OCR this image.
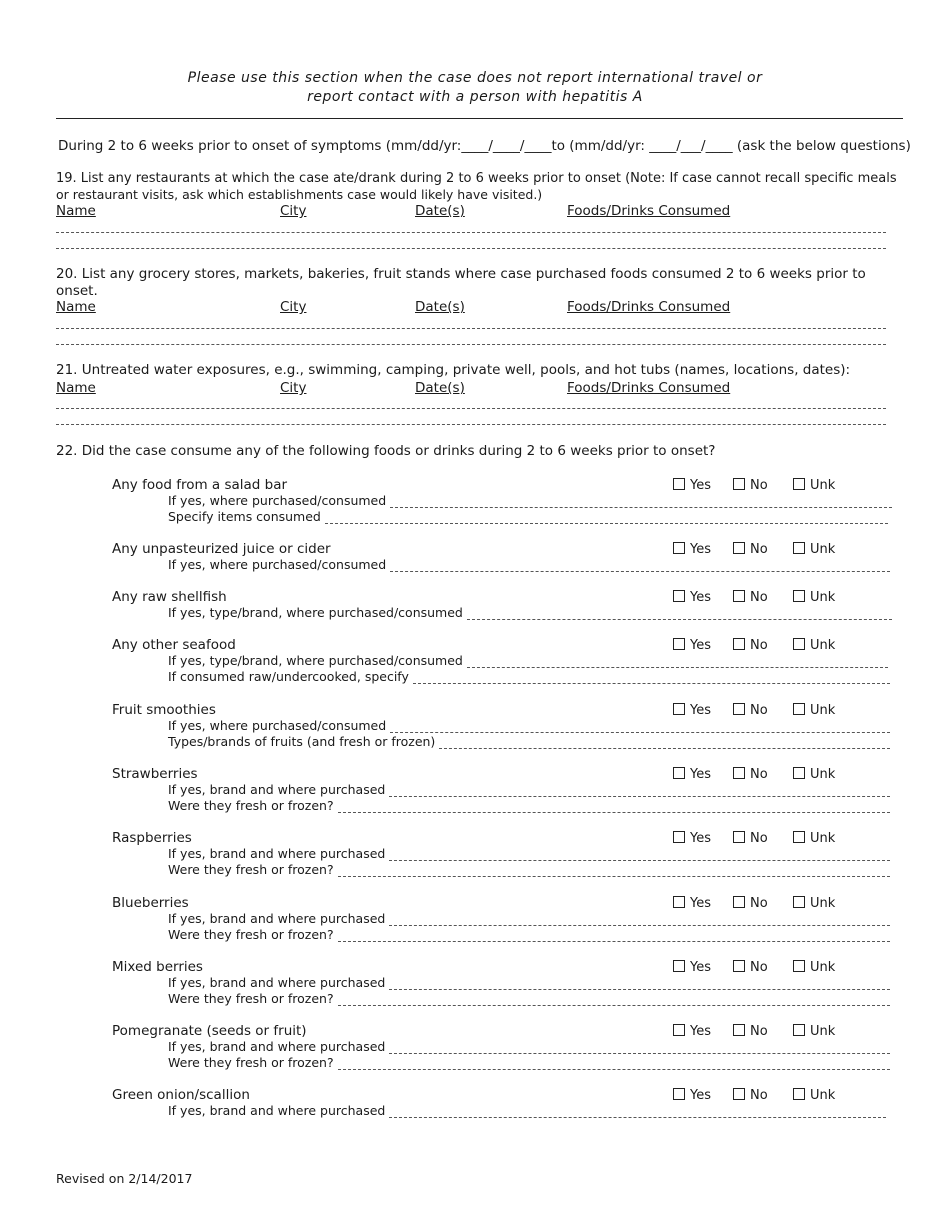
Please use this section when the case does not report international travel or
report contact with a person with hepatitis A
During 2 to 6 weeks prior to onset of symptoms (mm/dd/yr:____/____/____to (mm/dd/yr: ____/___/____ (ask the below questions)
19. List any restaurants at which the case ate/drank during 2 to 6 weeks prior to onset (Note: If case cannot recall specific meals
or restaurant visits, ask which establishments case would likely have visited.)
Name	City	Date(s)	Foods/Drinks Consumed
20. List any grocery stores, markets, bakeries, fruit stands where case purchased foods consumed 2 to 6 weeks prior to
onset.
Name	City	Date(s)	Foods/Drinks Consumed
21. Untreated water exposures, e.g., swimming, camping, private well, pools, and hot tubs (names, locations, dates):
Name	City	Date(s)	Foods/Drinks Consumed
22. Did the case consume any of the following foods or drinks during 2 to 6 weeks prior to onset?
Any food from a salad bar	Yes	No	Unk
If yes, where purchased/consumed
Specify items consumed
Any unpasteurized juice or cider	Yes	No	Unk
If yes, where purchased/consumed
Any raw shellfish	Yes	No	Unk
If yes, type/brand, where purchased/consumed
Any other seafood	Yes	No	Unk
If yes, type/brand, where purchased/consumed
If consumed raw/undercooked, specify
Fruit smoothies	Yes	No	Unk
If yes, where purchased/consumed
Types/brands of fruits (and fresh or frozen)
Strawberries	Yes	No	Unk
If yes, brand and where purchased
Were they fresh or frozen?
Raspberries	Yes	No	Unk
If yes, brand and where purchased
Were they fresh or frozen?
Blueberries	Yes	No	Unk
If yes, brand and where purchased
Were they fresh or frozen?
Mixed berries	Yes	No	Unk
If yes, brand and where purchased
Were they fresh or frozen?
Pomegranate (seeds or fruit)	Yes	No	Unk
If yes, brand and where purchased
Were they fresh or frozen?
Green onion/scallion	Yes	No	Unk
If yes, brand and where purchased
Revised on 2/14/2017
